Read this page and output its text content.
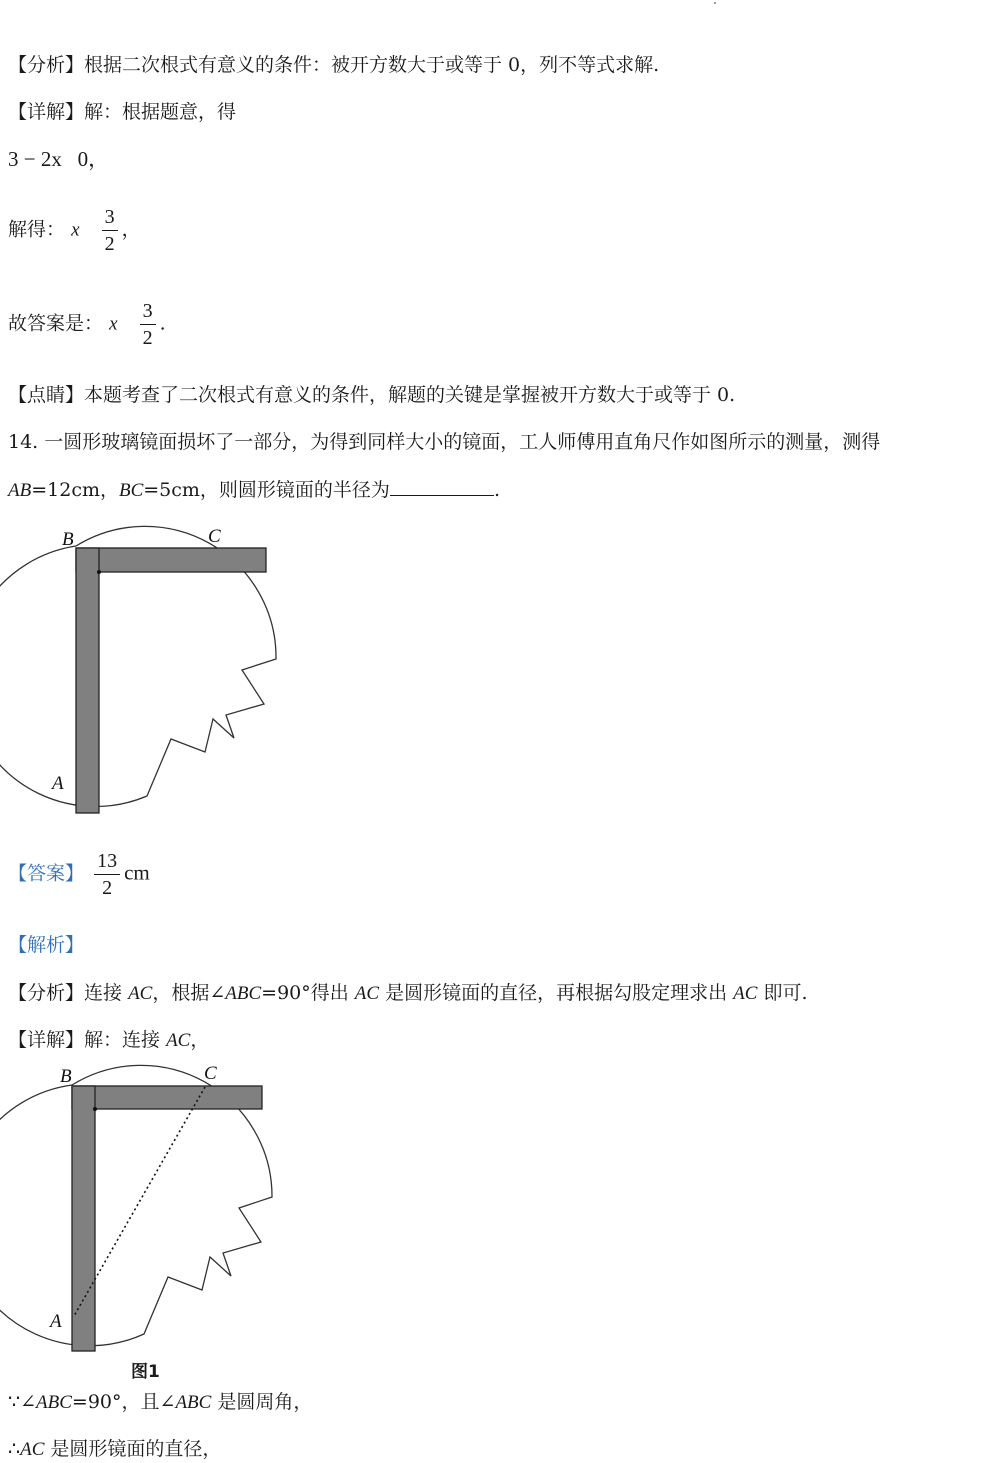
【分析】根据二次根式有意义的条件：被开方数大于或等于 0，列不等式求解.
【详解】解：根据题意，得
3 − 2x 0，
解得： x $\frac{3}{2}$ ，
故答案是： x $\frac{3}{2}$ .
【点睛】本题考查了二次根式有意义的条件，解题的关键是掌握被开方数大于或等于 0.
14. 一圆形玻璃镜面损坏了一部分，为得到同样大小的镜面，工人师傅用直角尺作如图所示的测量，测得
AB=12cm，BC=5cm，则圆形镜面的半径为	.
B	C
A
【答案】 $\frac{13}{2}$ cm
【解析】
【分析】连接 AC，根据∠ABC=90°得出 AC 是圆形镜面的直径，再根据勾股定理求出 AC 即可.
【详解】解：连接 AC，
B	C
A
图1
∵∠ABC=90°，且∠ABC 是圆周角，
∴AC 是圆形镜面的直径，
